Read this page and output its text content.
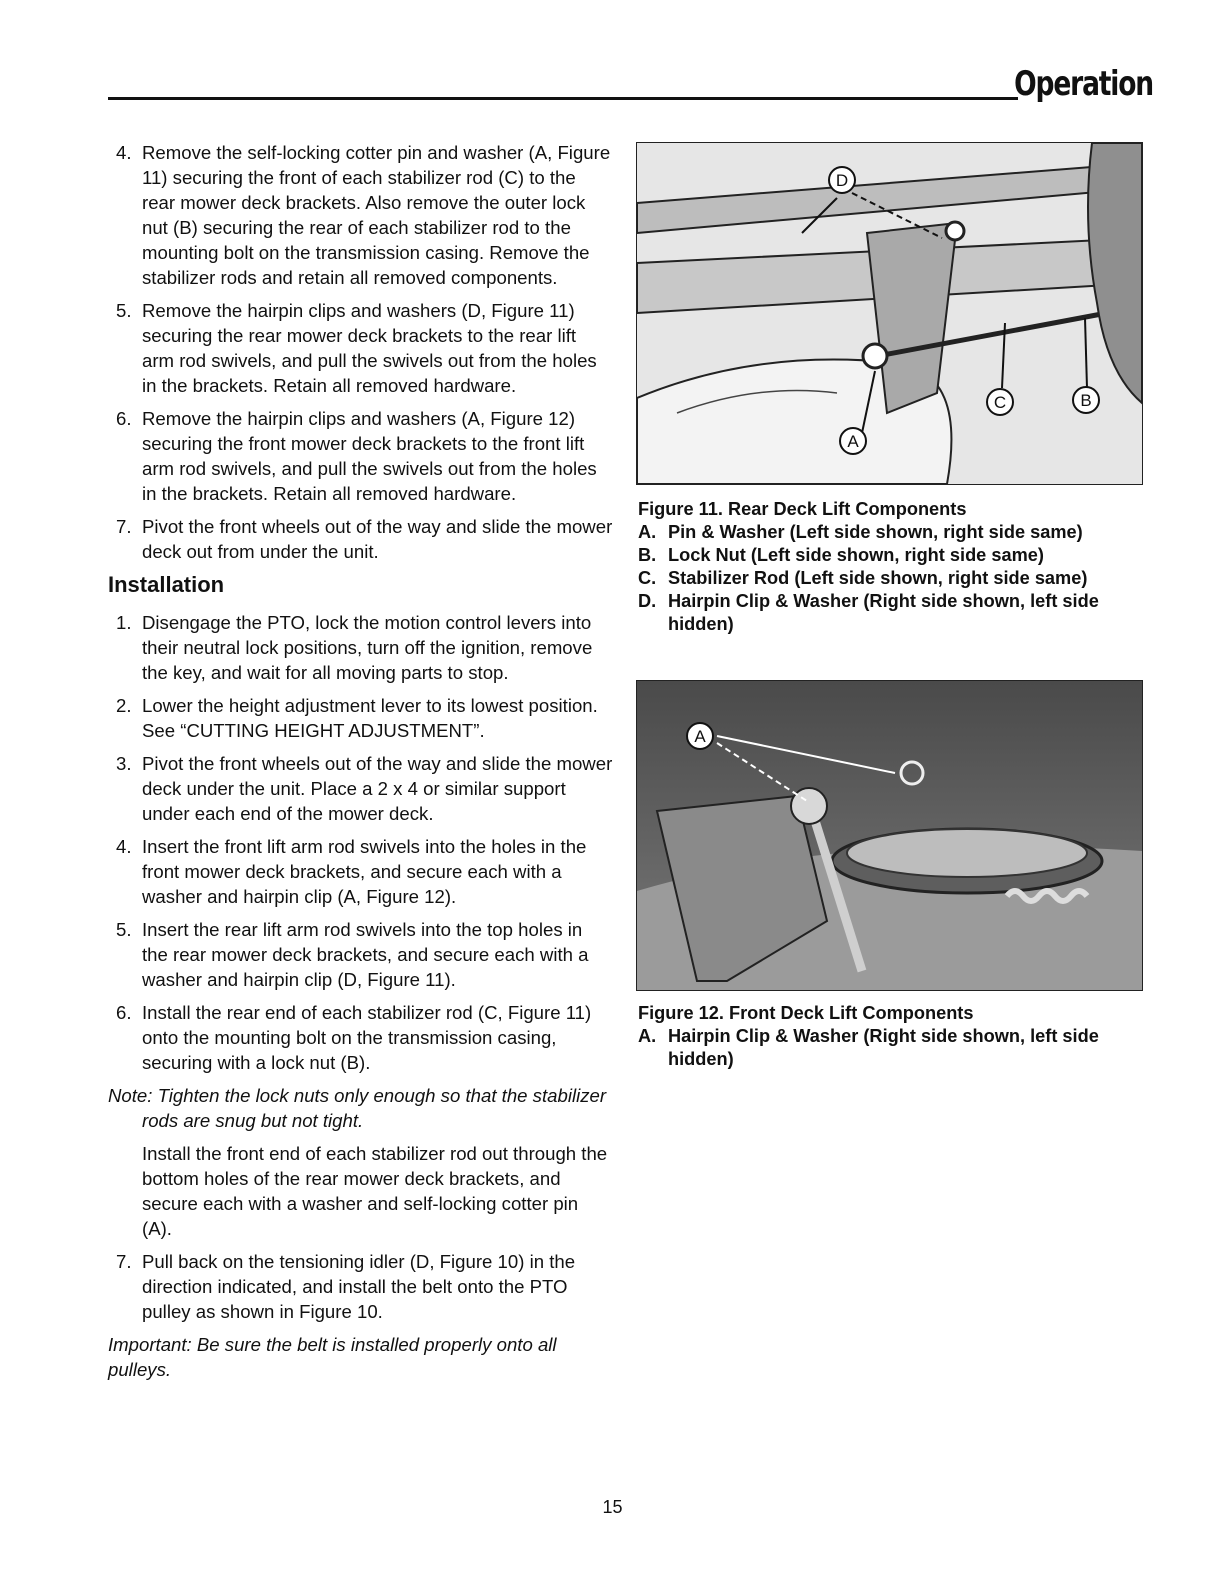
Operation
4. Remove the self-locking cotter pin and washer (A, Figure 11) securing the front of each stabilizer rod (C) to the rear mower deck brackets. Also remove the outer lock nut (B) securing the rear of each stabilizer rod to the mounting bolt on the transmission casing. Remove the stabilizer rods and retain all removed components.
5. Remove the hairpin clips and washers (D, Figure 11) securing the rear mower deck brackets to the rear lift arm rod swivels, and pull the swivels out from the holes in the brackets. Retain all removed hardware.
6. Remove the hairpin clips and washers (A, Figure 12) securing the front mower deck brackets to the front lift arm rod swivels, and pull the swivels out from the holes in the brackets. Retain all removed hardware.
7. Pivot the front wheels out of the way and slide the mower deck out from under the unit.
Installation
1. Disengage the PTO, lock the motion control levers into their neutral lock positions, turn off the ignition, remove the key, and wait for all moving parts to stop.
2. Lower the height adjustment lever to its lowest position. See “CUTTING HEIGHT ADJUSTMENT”.
3. Pivot the front wheels out of the way and slide the mower deck under the unit. Place a 2 x 4 or similar support under each end of the mower deck.
4. Insert the front lift arm rod swivels into the holes in the front mower deck brackets, and secure each with a washer and hairpin clip (A, Figure 12).
5. Insert the rear lift arm rod swivels into the top holes in the rear mower deck brackets, and secure each with a washer and hairpin clip (D, Figure 11).
6. Install the rear end of each stabilizer rod (C, Figure 11) onto the mounting bolt on the transmission casing, securing with a lock nut (B).
Note: Tighten the lock nuts only enough so that the stabilizer rods are snug but not tight.
Install the front end of each stabilizer rod out through the bottom holes of the rear mower deck brackets, and secure each with a washer and self-locking cotter pin (A).
7. Pull back on the tensioning idler (D, Figure 10) in the direction indicated, and install the belt onto the PTO pulley as shown in Figure 10.
Important: Be sure the belt is installed properly onto all pulleys.
D
A
C	B
Figure 11. Rear Deck Lift Components
A. Pin & Washer (Left side shown, right side same)
B. Lock Nut (Left side shown, right side same)
C. Stabilizer Rod (Left side shown, right side same)
D. Hairpin Clip & Washer (Right side shown, left side hidden)
A
Figure 12. Front Deck Lift Components
A. Hairpin Clip & Washer (Right side shown, left side hidden)
15
